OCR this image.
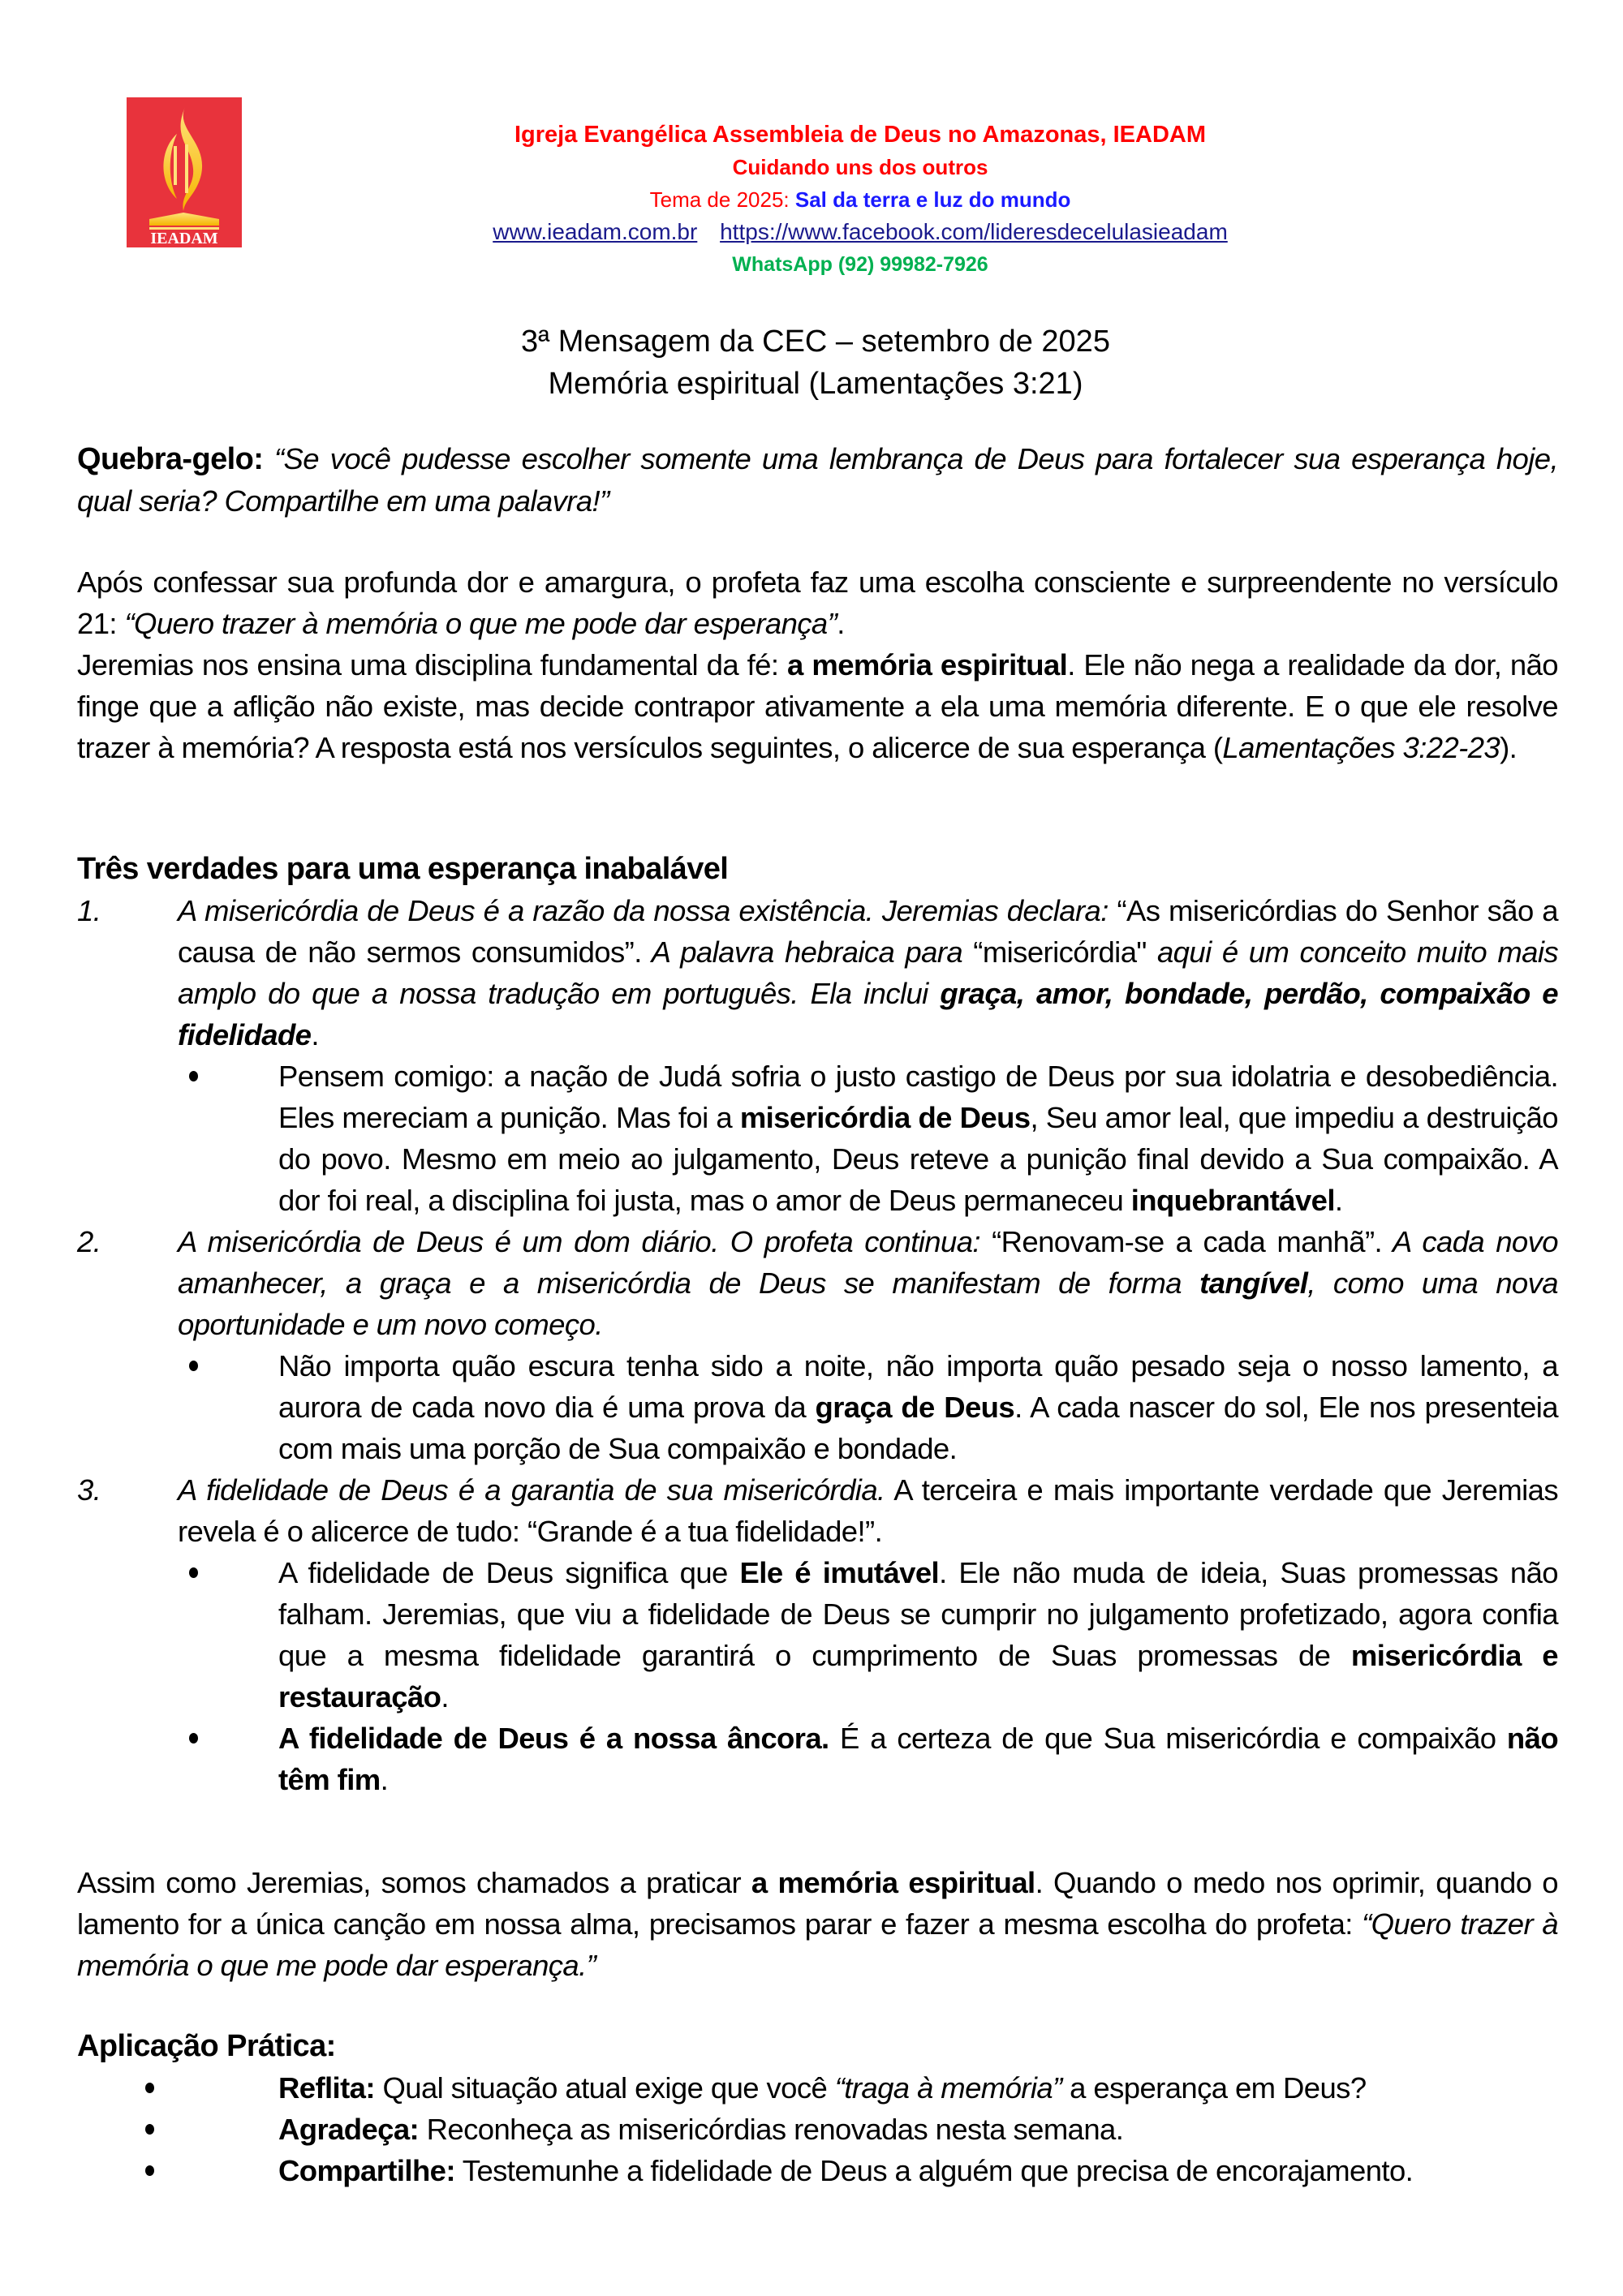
IEADAM
Igreja Evangélica Assembleia de Deus no Amazonas, IEADAM
Cuidando uns dos outros
Tema de 2025: Sal da terra e luz do mundo
www.ieadam.com.br https://www.facebook.com/lideresdecelulasieadam
WhatsApp (92) 99982-7926
3ª Mensagem da CEC – setembro de 2025
Memória espiritual (Lamentações 3:21)

Quebra-gelo: “Se você pudesse escolher somente uma lembrança de Deus para fortalecer sua esperança hoje, qual seria? Compartilhe em uma palavra!”

Após confessar sua profunda dor e amargura, o profeta faz uma escolha consciente e surpreendente no versículo 21: “Quero trazer à memória o que me pode dar esperança”.

Jeremias nos ensina uma disciplina fundamental da fé: a memória espiritual. Ele não nega a realidade da dor, não finge que a aflição não existe, mas decide contrapor ativamente a ela uma memória diferente. E o que ele resolve trazer à memória? A resposta está nos versículos seguintes, o alicerce de sua esperança (Lamentações 3:22-23).

Três verdades para uma esperança inabalável

1.	A misericórdia de Deus é a razão da nossa existência. Jeremias declara: “As misericórdias do Senhor são a causa de não sermos consumidos”. A palavra hebraica para “misericórdia" aqui é um conceito muito mais amplo do que a nossa tradução em português. Ela inclui graça, amor, bondade, perdão, compaixão e fidelidade.

Pensem comigo: a nação de Judá sofria o justo castigo de Deus por sua idolatria e desobediência. Eles mereciam a punição. Mas foi a misericórdia de Deus, Seu amor leal, que impediu a destruição do povo. Mesmo em meio ao julgamento, Deus reteve a punição final devido a Sua compaixão. A dor foi real, a disciplina foi justa, mas o amor de Deus permaneceu inquebrantável.

2.	A misericórdia de Deus é um dom diário. O profeta continua: “Renovam-se a cada manhã”. A cada novo amanhecer, a graça e a misericórdia de Deus se manifestam de forma tangível, como uma nova oportunidade e um novo começo.

Não importa quão escura tenha sido a noite, não importa quão pesado seja o nosso lamento, a aurora de cada novo dia é uma prova da graça de Deus. A cada nascer do sol, Ele nos presenteia com mais uma porção de Sua compaixão e bondade.

3.	A fidelidade de Deus é a garantia de sua misericórdia. A terceira e mais importante verdade que Jeremias revela é o alicerce de tudo: “Grande é a tua fidelidade!”.

A fidelidade de Deus significa que Ele é imutável. Ele não muda de ideia, Suas promessas não falham. Jeremias, que viu a fidelidade de Deus se cumprir no julgamento profetizado, agora confia que a mesma fidelidade garantirá o cumprimento de Suas promessas de misericórdia e restauração.

A fidelidade de Deus é a nossa âncora. É a certeza de que Sua misericórdia e compaixão não têm fim.

Assim como Jeremias, somos chamados a praticar a memória espiritual. Quando o medo nos oprimir, quando o lamento for a única canção em nossa alma, precisamos parar e fazer a mesma escolha do profeta: “Quero trazer à memória o que me pode dar esperança.”

Aplicação Prática:

Reflita: Qual situação atual exige que você “traga à memória” a esperança em Deus?

Agradeça: Reconheça as misericórdias renovadas nesta semana.

Compartilhe: Testemunhe a fidelidade de Deus a alguém que precisa de encorajamento.
